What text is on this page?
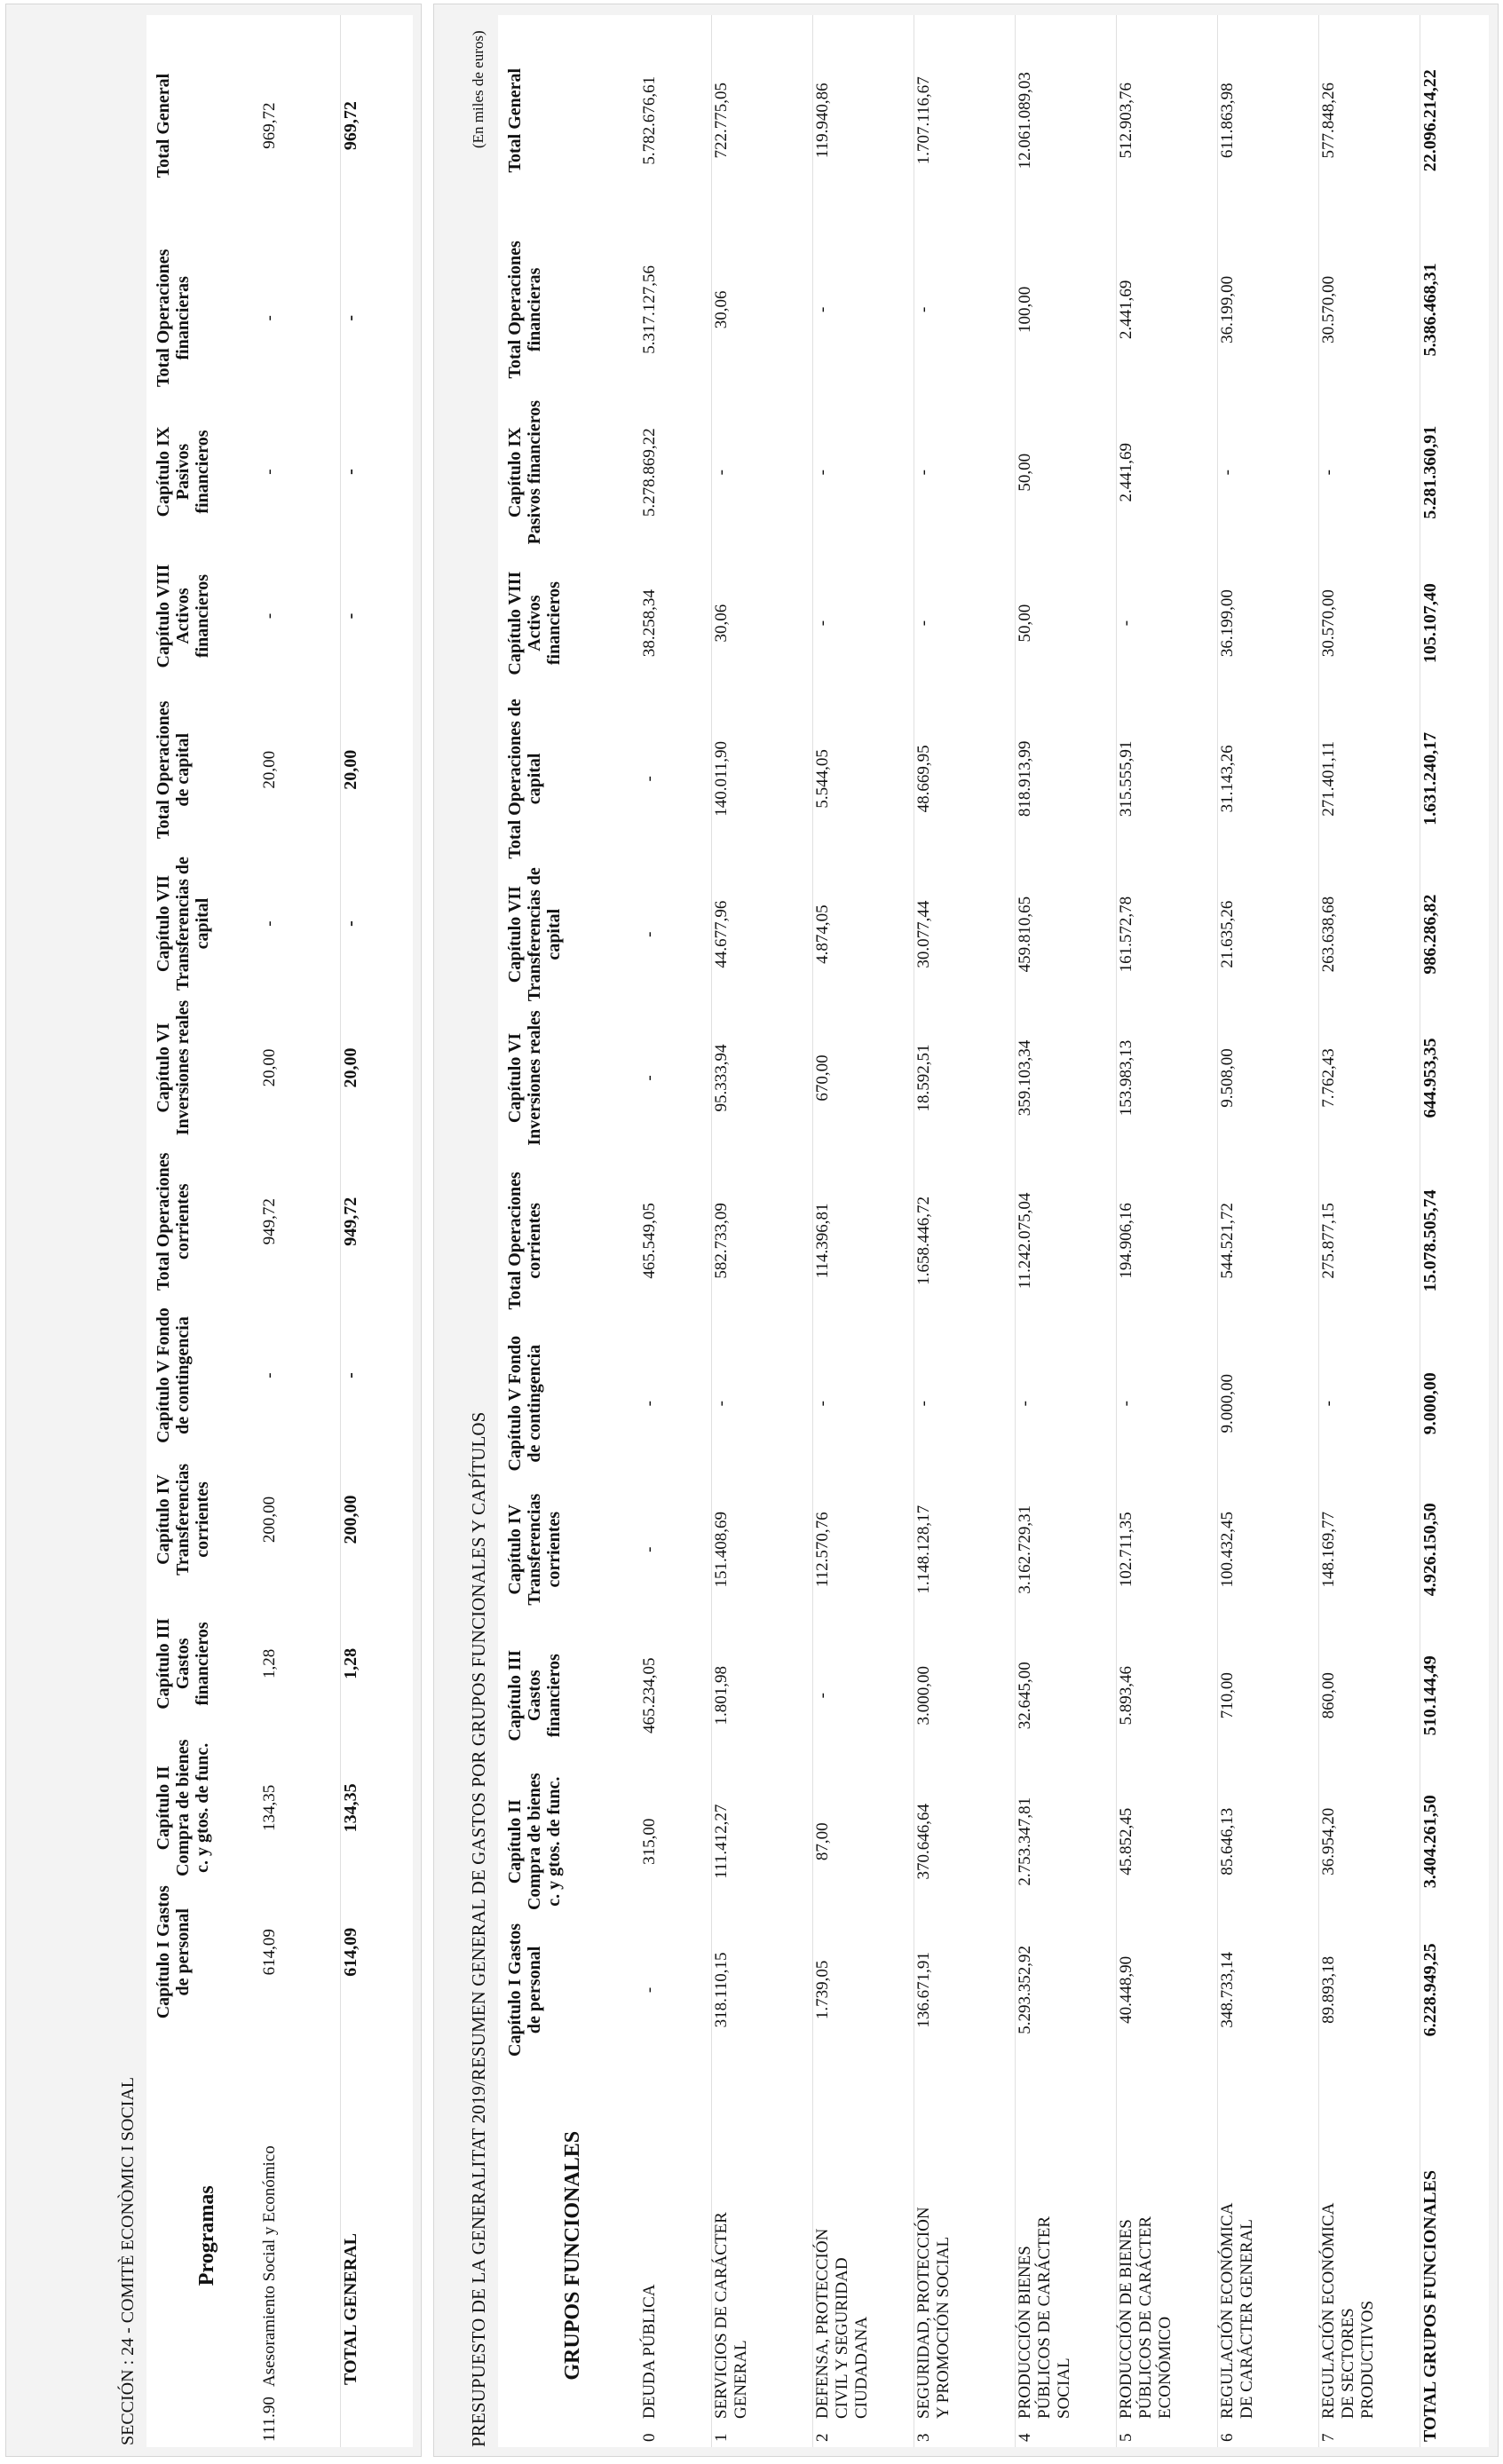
SECCIÓN : 24 - COMITÈ ECONÒMIC I SOCIAL	Programas	Capítulo I Gastos de personal	Capítulo II Compra de bienes c. y gtos. de func.	Capítulo III Gastos financieros	Capítulo IV Transferencias corrientes	Capítulo V Fondo de contingencia	Total Operaciones corrientes	Capítulo VI Inversiones reales	Capítulo VII Transferencias de capital	Total Operaciones de capital	Capítulo VIII Activos financieros	Capítulo IX Pasivos financieros	Total Operaciones financieras	Total General
111.90Asesoramiento Social y Económico	614,09	134,35	1,28	200,00	-	949,72	20,00	-	20,00	-	-	-	969,72
TOTAL GENERAL	614,09	134,35	1,28	200,00	-	949,72	20,00	-	20,00	-	-	-	969,72
PRESUPUESTO DE LA GENERALITAT 2019/RESUMEN GENERAL DE GASTOS POR GRUPOS FUNCIONALES Y CAPÍTULOS
(En miles de euros)
GRUPOS FUNCIONALES	Capítulo I Gastos de personal	Capítulo II Compra de bienes c. y gtos. de func.	Capítulo III Gastos financieros	Capítulo IV Transferencias corrientes	Capítulo V Fondo de contingencia	Total Operaciones corrientes	Capítulo VI Inversiones reales	Capítulo VII Transferencias de capital	Total Operaciones de capital	Capítulo VIII Activos financieros	Capítulo IX Pasivos financieros	Total Operaciones financieras	Total General
0DEUDA PÚBLICA	-	315,00	465.234,05	-	-	465.549,05	-	-	-	38.258,34	5.278.869,22	5.317.127,56	5.782.676,61
1SERVICIOS DE CARÁCTER GENERAL	318.110,15	111.412,27	1.801,98	151.408,69	-	582.733,09	95.333,94	44.677,96	140.011,90	30,06	-	30,06	722.775,05
2DEFENSA, PROTECCIÓN CIVIL Y SEGURIDAD CIUDADANA	1.739,05	87,00	-	112.570,76	-	114.396,81	670,00	4.874,05	5.544,05	-	-	-	119.940,86
3SEGURIDAD, PROTECCIÓN Y PROMOCIÓN SOCIAL	136.671,91	370.646,64	3.000,00	1.148.128,17	-	1.658.446,72	18.592,51	30.077,44	48.669,95	-	-	-	1.707.116,67
4PRODUCCIÓN BIENES PÚBLICOS DE CARÁCTER SOCIAL	5.293.352,92	2.753.347,81	32.645,00	3.162.729,31	-	11.242.075,04	359.103,34	459.810,65	818.913,99	50,00	50,00	100,00	12.061.089,03
5PRODUCCIÓN DE BIENES PÚBLICOS DE CARÁCTER ECONÓMICO	40.448,90	45.852,45	5.893,46	102.711,35	-	194.906,16	153.983,13	161.572,78	315.555,91	-	2.441,69	2.441,69	512.903,76
6REGULACIÓN ECONÓMICA DE CARÁCTER GENERAL	348.733,14	85.646,13	710,00	100.432,45	9.000,00	544.521,72	9.508,00	21.635,26	31.143,26	36.199,00	-	36.199,00	611.863,98
7REGULACIÓN ECONÓMICA DE SECTORES PRODUCTIVOS	89.893,18	36.954,20	860,00	148.169,77	-	275.877,15	7.762,43	263.638,68	271.401,11	30.570,00	-	30.570,00	577.848,26
TOTAL GRUPOS FUNCIONALES	6.228.949,25	3.404.261,50	510.144,49	4.926.150,50	9.000,00	15.078.505,74	644.953,35	986.286,82	1.631.240,17	105.107,40	5.281.360,91	5.386.468,31	22.096.214,22
